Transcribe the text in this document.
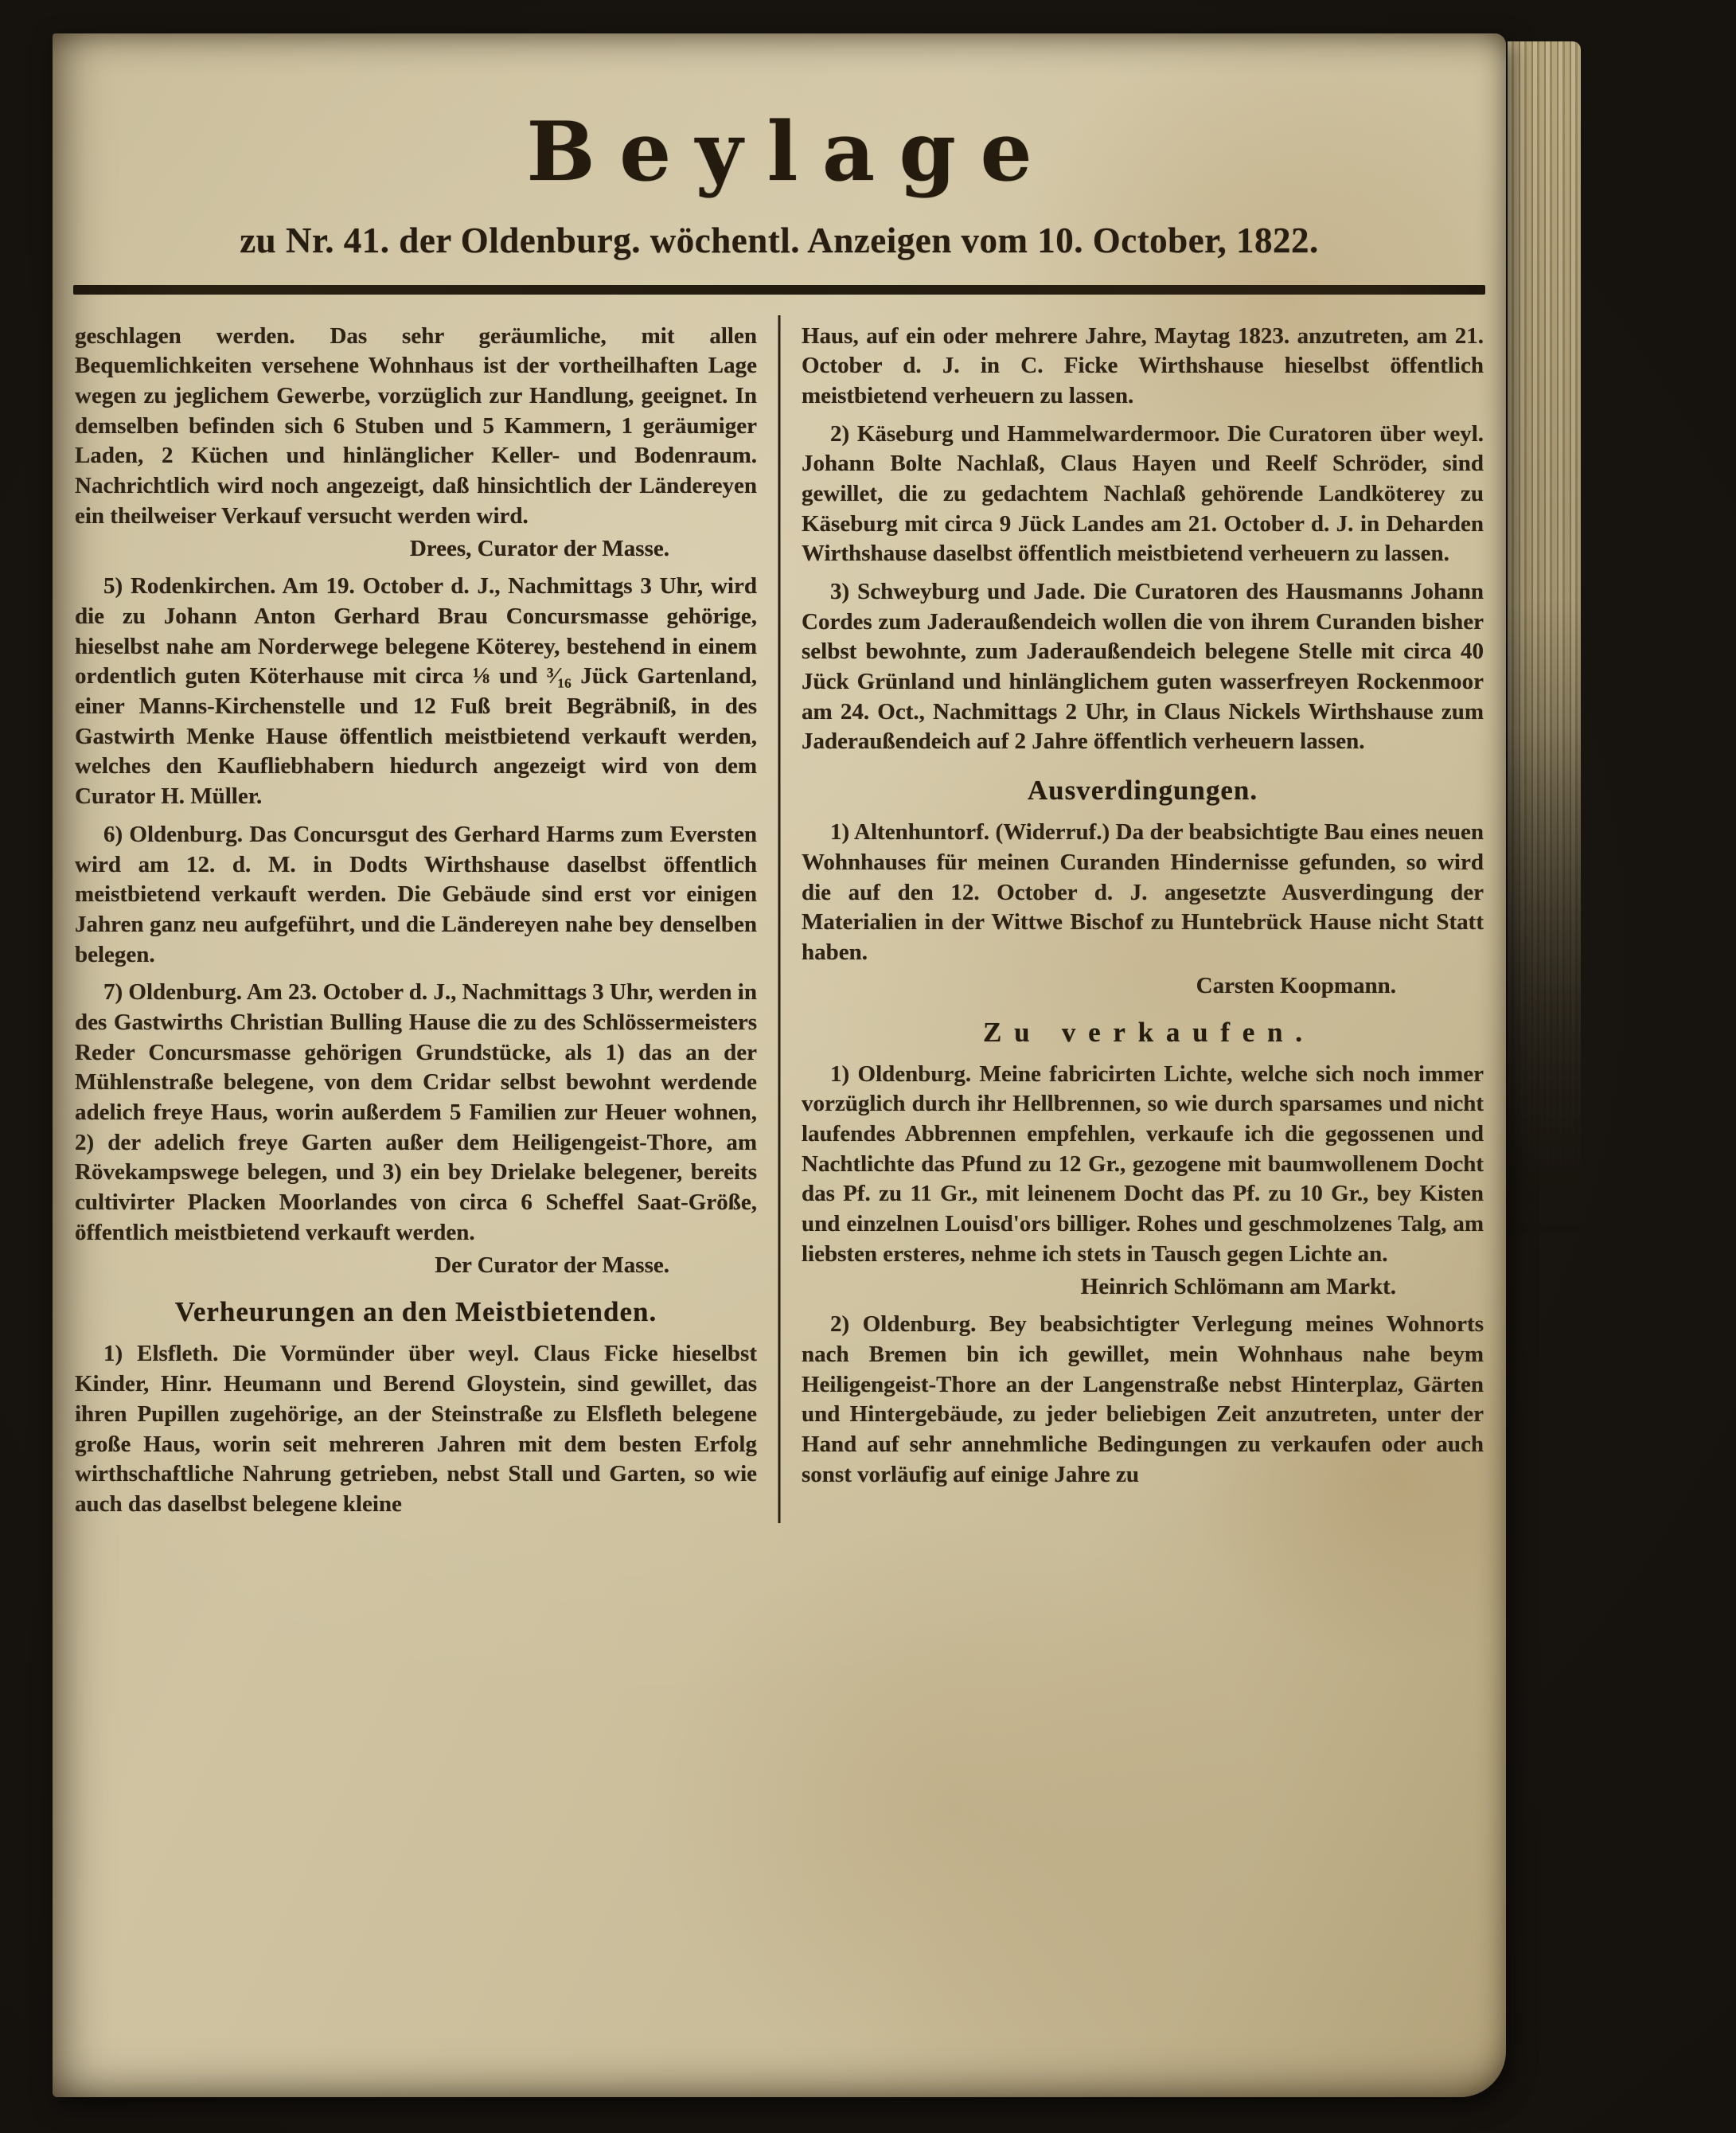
Beylage
zu Nr. 41. der Oldenburg. wöchentl. Anzeigen vom 10. October, 1822.

geschlagen werden. Das sehr geräumliche, mit allen Bequemlichkeiten versehene Wohnhaus ist der vortheilhaften Lage wegen zu jeglichem Gewerbe, vorzüglich zur Handlung, geeignet. In demselben befinden sich 6 Stuben und 5 Kammern, 1 geräumiger Laden, 2 Küchen und hinlänglicher Keller- und Bodenraum. Nachrichtlich wird noch angezeigt, daß hinsichtlich der Ländereyen ein theilweiser Verkauf versucht werden wird.

Drees, Curator der Masse.

5) Rodenkirchen. Am 19. October d. J., Nachmittags 3 Uhr, wird die zu Johann Anton Gerhard Brau Concursmasse gehörige, hieselbst nahe am Norderwege belegene Köterey, bestehend in einem ordentlich guten Köterhause mit circa ⅛ und ³⁄₁₆ Jück Gartenland, einer Manns-Kirchenstelle und 12 Fuß breit Begräbniß, in des Gastwirth Menke Hause öffentlich meistbietend verkauft werden, welches den Kaufliebhabern hiedurch angezeigt wird von dem Curator H. Müller.

6) Oldenburg. Das Concursgut des Gerhard Harms zum Eversten wird am 12. d. M. in Dodts Wirthshause daselbst öffentlich meistbietend verkauft werden. Die Gebäude sind erst vor einigen Jahren ganz neu aufgeführt, und die Ländereyen nahe bey denselben belegen.

7) Oldenburg. Am 23. October d. J., Nachmittags 3 Uhr, werden in des Gastwirths Christian Bulling Hause die zu des Schlössermeisters Reder Concursmasse gehörigen Grundstücke, als 1) das an der Mühlenstraße belegene, von dem Cridar selbst bewohnt werdende adelich freye Haus, worin außerdem 5 Familien zur Heuer wohnen, 2) der adelich freye Garten außer dem Heiligengeist-Thore, am Rövekampswege belegen, und 3) ein bey Drielake belegener, bereits cultivirter Placken Moorlandes von circa 6 Scheffel Saat-Größe, öffentlich meistbietend verkauft werden.

Der Curator der Masse.
Verheurungen an den Meistbietenden.

1) Elsfleth. Die Vormünder über weyl. Claus Ficke hieselbst Kinder, Hinr. Heumann und Berend Gloystein, sind gewillet, das ihren Pupillen zugehörige, an der Steinstraße zu Elsfleth belegene große Haus, worin seit mehreren Jahren mit dem besten Erfolg wirthschaftliche Nahrung getrieben, nebst Stall und Garten, so wie auch das daselbst belegene kleine

Haus, auf ein oder mehrere Jahre, Maytag 1823. anzutreten, am 21. October d. J. in C. Ficke Wirthshause hieselbst öffentlich meistbietend verheuern zu lassen.

2) Käseburg und Hammelwardermoor. Die Curatoren über weyl. Johann Bolte Nachlaß, Claus Hayen und Reelf Schröder, sind gewillet, die zu gedachtem Nachlaß gehörende Landköterey zu Käseburg mit circa 9 Jück Landes am 21. October d. J. in Deharden Wirthshause daselbst öffentlich meistbietend verheuern zu lassen.

3) Schweyburg und Jade. Die Curatoren des Hausmanns Johann Cordes zum Jaderaußendeich wollen die von ihrem Curanden bisher selbst bewohnte, zum Jaderaußendeich belegene Stelle mit circa 40 Jück Grünland und hinlänglichem guten wasserfreyen Rockenmoor am 24. Oct., Nachmittags 2 Uhr, in Claus Nickels Wirthshause zum Jaderaußendeich auf 2 Jahre öffentlich verheuern lassen.

Ausverdingungen.

1) Altenhuntorf. (Widerruf.) Da der beabsichtigte Bau eines neuen Wohnhauses für meinen Curanden Hindernisse gefunden, so wird die auf den 12. October d. J. angesetzte Ausverdingung der Materialien in der Wittwe Bischof zu Huntebrück Hause nicht Statt haben.

Carsten Koopmann.
Zu verkaufen.

1) Oldenburg. Meine fabricirten Lichte, welche sich noch immer vorzüglich durch ihr Hellbrennen, so wie durch sparsames und nicht laufendes Abbrennen empfehlen, verkaufe ich die gegossenen und Nachtlichte das Pfund zu 12 Gr., gezogene mit baumwollenem Docht das Pf. zu 11 Gr., mit leinenem Docht das Pf. zu 10 Gr., bey Kisten und einzelnen Louisd'ors billiger. Rohes und geschmolzenes Talg, am liebsten ersteres, nehme ich stets in Tausch gegen Lichte an.

Heinrich Schlömann am Markt.

2) Oldenburg. Bey beabsichtigter Verlegung meines Wohnorts nach Bremen bin ich gewillet, mein Wohnhaus nahe beym Heiligengeist-Thore an der Langenstraße nebst Hinterplaz, Gärten und Hintergebäude, zu jeder beliebigen Zeit anzutreten, unter der Hand auf sehr annehmliche Bedingungen zu verkaufen oder auch sonst vorläufig auf einige Jahre zu
